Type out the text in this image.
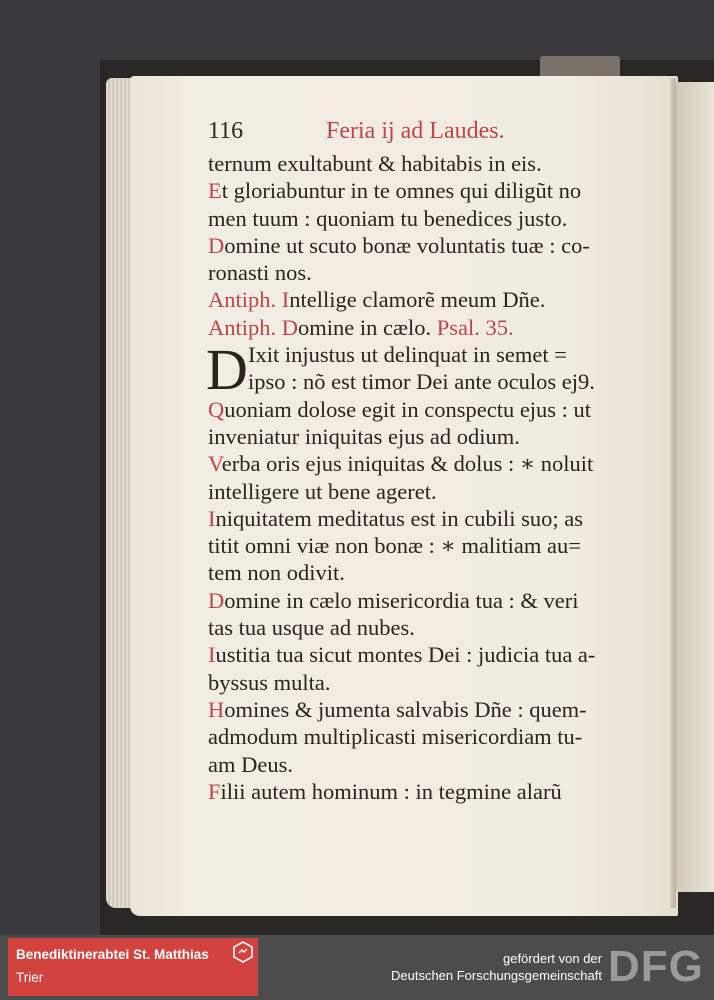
116	Feria ij ad Laudes.
ternum exultabunt & habitabis in eis.
Et gloriabuntur in te omnes qui diligũt no
men tuum : quoniam tu benedices justo.
Domine ut scuto bonæ voluntatis tuæ : co-
ronasti nos.
Antiph. Intellige clamorẽ meum Dñe.
Antiph. Domine in cælo. Psal. 35.
D Ixit injustus ut delinquat in semet =
ipso : nõ est timor Dei ante oculos ej9.
Quoniam dolose egit in conspectu ejus : ut
inveniatur iniquitas ejus ad odium.
Verba oris ejus iniquitas & dolus : ∗ noluit
intelligere ut bene ageret.
Iniquitatem meditatus est in cubili suo; as
titit omni viæ non bonæ : ∗ malitiam au=
tem non odivit.
Domine in cælo misericordia tua : & veri
tas tua usque ad nubes.
Iustitia tua sicut montes Dei : judicia tua a-
byssus multa.
Homines & jumenta salvabis Dñe : quem-
admodum multiplicasti misericordiam tu-
am Deus.
Filii autem hominum : in tegmine alarũ
Benediktinerabtei St. Matthias
Trier
gefördert von der
Deutschen Forschungsgemeinschaft DFG
